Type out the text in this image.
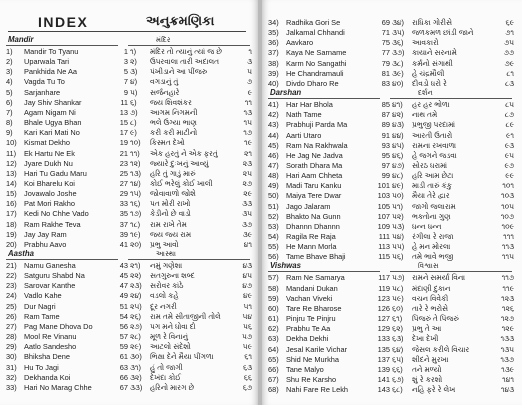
INDEX	અનુક્રમણિકા
Mandir	મંદિર
1)	Mandir To Tyanu	1 ૧)	મંદિર તો ત્યાનું ત્યાં જ છે	૧
2)	Uparwala Tari	3 ૨)	ઉપરવાલા તારી અદાલત	૩
3)	Pankhida Ne Aa	5 ૩)	પંખીડાને આ પીંજરુ	૫
4)	Vagda Tu To	7 ૪)	વગડાનું તું	૭
5)	Sarjanhare	9 ૫)	સર્જનહારે	૯
6)	Jay Shiv Shankar	11 ૬)	જય શિવશંકર	૧૧
7)	Agam Nigam Ni	13 ૭)	આગમ નિગમની	૧૩
8)	Bhale Ugya Bhan	15 ૮)	ભલે ઉગ્યા ભાણ	૧૫
9)	Kari Kari Mati No	17 ૯)	કરી કરી માટીનો	૧૭
10) Kismat Dekho	19 ૧૦)	કિસ્મત દેખો	૧૯
11)	Ek Hartu Ne Ek	21 ૧૧)	એક હરતું ને એક ફરતું	૨૧
12) Jyare Dukh Nu	23 ૧૨)	જ્યારે દુઃખનું આવ્યું	૨૩
13) Hari Tu Gadu Maru	25 ૧૩)	હરિ તું ગાડું મારું	૨૫
14) Koi Bharelu Koi	27 ૧૪)	કોઈ ભરેલું કોઈ ખાલી	૨૭
15) Jovawalo Joshe	29 ૧૫)	જોવાવાળો જોશે	૨૯
16) Pat Mori Rakho	33 ૧૬)	પત મોરી રાખો	૩૩
17) Kedi No Chhe Vado	35 ૧૭)	કેડીનો છે વાડો	૩૫
18) Ram Rakhe Teva	37 ૧૮)	રામ રાખે તેમ	૩૭
19) Jay Jay Ram	39 ૧૯)	જય જય રામ	૩૯
20) Prabhu Aavo	41 ૨૦)	પ્રભુ આવો	૪૧
Aastha	આસ્થા
21) Namu Ganesha	43 ૨૧)	નમું ગણેશા	૪૩
22) Satguru Shabd Na	45 ૨૨)	સતગુરુના શબ્દ	૪૫
23) Sarovar Kanthe	47 ૨૩)	સરોવર કાંઠે	૪૭
24) Vadlo Kahe	49 ૨૪)	વડલો કહે	૪૯
25) Dur Nagri	51 ૨૫)	દૂર નગરી	૫૧
26) Ram Tame	54 ૨૬)	રામ તમે સીતાજીની તોલે	૫૪
27) Pag Mane Dhova Do	56 ૨૭)	પગ મને ધોવા દો	૫૬
28) Mool Re Vinanu	57 ૨૮)	મૂળ રે વિનાનું	૫૭
29) Aatlo Sandesho	59 ૨૯)	આટલો સંદેશો	૫૯
30) Bhiksha Dene	61 ૩૦)	ભિક્ષા દેને મૈયા પીંગળા	૬૧
31) Hu To Jagi	63 ૩૧)	હું તો જાગી	૬૩
32) Dekhanda Koi	66 ૩૨)	દેખંદા કોઈ	૬૬
33) Hari No Marag Chhe	67 ૩૩)	હરિનો મારગ છે	૬૭
34) Radhika Gori Se	69 ૩૪)	રાધિકા ગોરીસે	૬૯
35) Jalkamal Chhandi	71 ૩૫)	જળકમળ છાંડી જાને	૭૧
36) Aavkaro	75 ૩૬)	આવકારો	૭૫
37) Kaya Ne Sarname	77 ૩૭)	કાયાને સરનામે	૭૭
38) Karm No Sangathi	79 ૩૮)	કર્મનો સંગાથી	૭૯
39) He Chandramauli	81 ૩૯)	હે ચંદ્રમૌલી	૮૧
40) Divdo Dharo Re	83 ૪૦)	દીવડો ધરો રે	૮૩
Darshan	દર્શન
41) Har Har Bhola	85 ૪૧)	હર હર ભોળા	૮૫
42) Nath Tame	87 ૪૨)	નાથ તમે	૮૭
43) Prabhuji Parda Ma	89 ૪૩)	પ્રભુજી પરદામાં	૮૯
44) Aarti Utaro	91 ૪૪)	આરતી ઉતારો	૯૧
45) Ram Na Rakhwala	93 ૪૫)	રામના રખવાળા	૯૩
46) He Jag Ne Jadva	95 ૪૬)	હે જગને જડવા	૯૫
47) Sorath Dhara Ma	97 ૪૭)	સોરઠ ધરામાં	૯૭
48) Hari Aam Chheta	99 ૪૮)	હરિ આમ છેટા	૯૯
49) Madi Taru Kanku	101 ૪૯)	માડી તારું કંકુ	૧૦૧
50) Maiya Tere Dwar	103 ૫૦)	મૈયા તેરે દ્વાર	૧૦૩
51) Jago Jalaram	105 ૫૧)	જાગો જલારામ	૧૦૫
52) Bhakto Na Gunn	107 ૫૨)	ભક્તોના ગુણ	૧૦૭
53) Dhannn Dhannn	109 ૫૩)	ધન્ન ધન્ન	૧૦૯
54) Ragila Re Raja	111 ૫૪)	રંગીલા રે રાજા	૧૧૧
55) He Mann Morla	113 ૫૫)	હે મન મોરલા	૧૧૩
56) Tame Bhave Bhaji	115 ૫૬)	તમે ભાવે ભજી	૧૧૫
Vishwas	વિશ્વાસ
57) Ram Ne Samarya	117 ૫૭)	રામને સમર્યા વિના	૧૧૭
58) Mandani Dukan	119 ૫૮)	મંદાણી દુકાન	૧૧૯
59) Vachan Viveki	123 ૫૯)	વચન વિવેકી	૧૨૩
60) Tare Re Bharose	126 ૬૦)	તારે રે ભરોસે	૧૨૬
61) Pinjru Te Pinjru	127 ૬૧)	પિંજરું તે પિંજરું	૧૨૭
62) Prabhu Te Aa	129 ૬૨)	પ્રભુ તે આ	૧૨૯
63) Dekha Dekhi	133 ૬૩)	દેખા દેખી	૧૩૩
64) Jesal Karile Vichar	135 ૬૪)	જેસલ કરીલે વિચાર	૧૩૫
65) Shid Ne Murkha	137 ૬૫)	શીદને મુરખા	૧૩૭
66) Tane Malyo	139 ૬૬)	તને મળ્યો	૧૩૯
67) Shu Re Karsho	141 ૬૭)	શું રે કરશો	૧૪૧
68) Nahi Fare Re Lekh	143 ૬૮)	નહિ ફરે રે લેખ	૧૪૩
